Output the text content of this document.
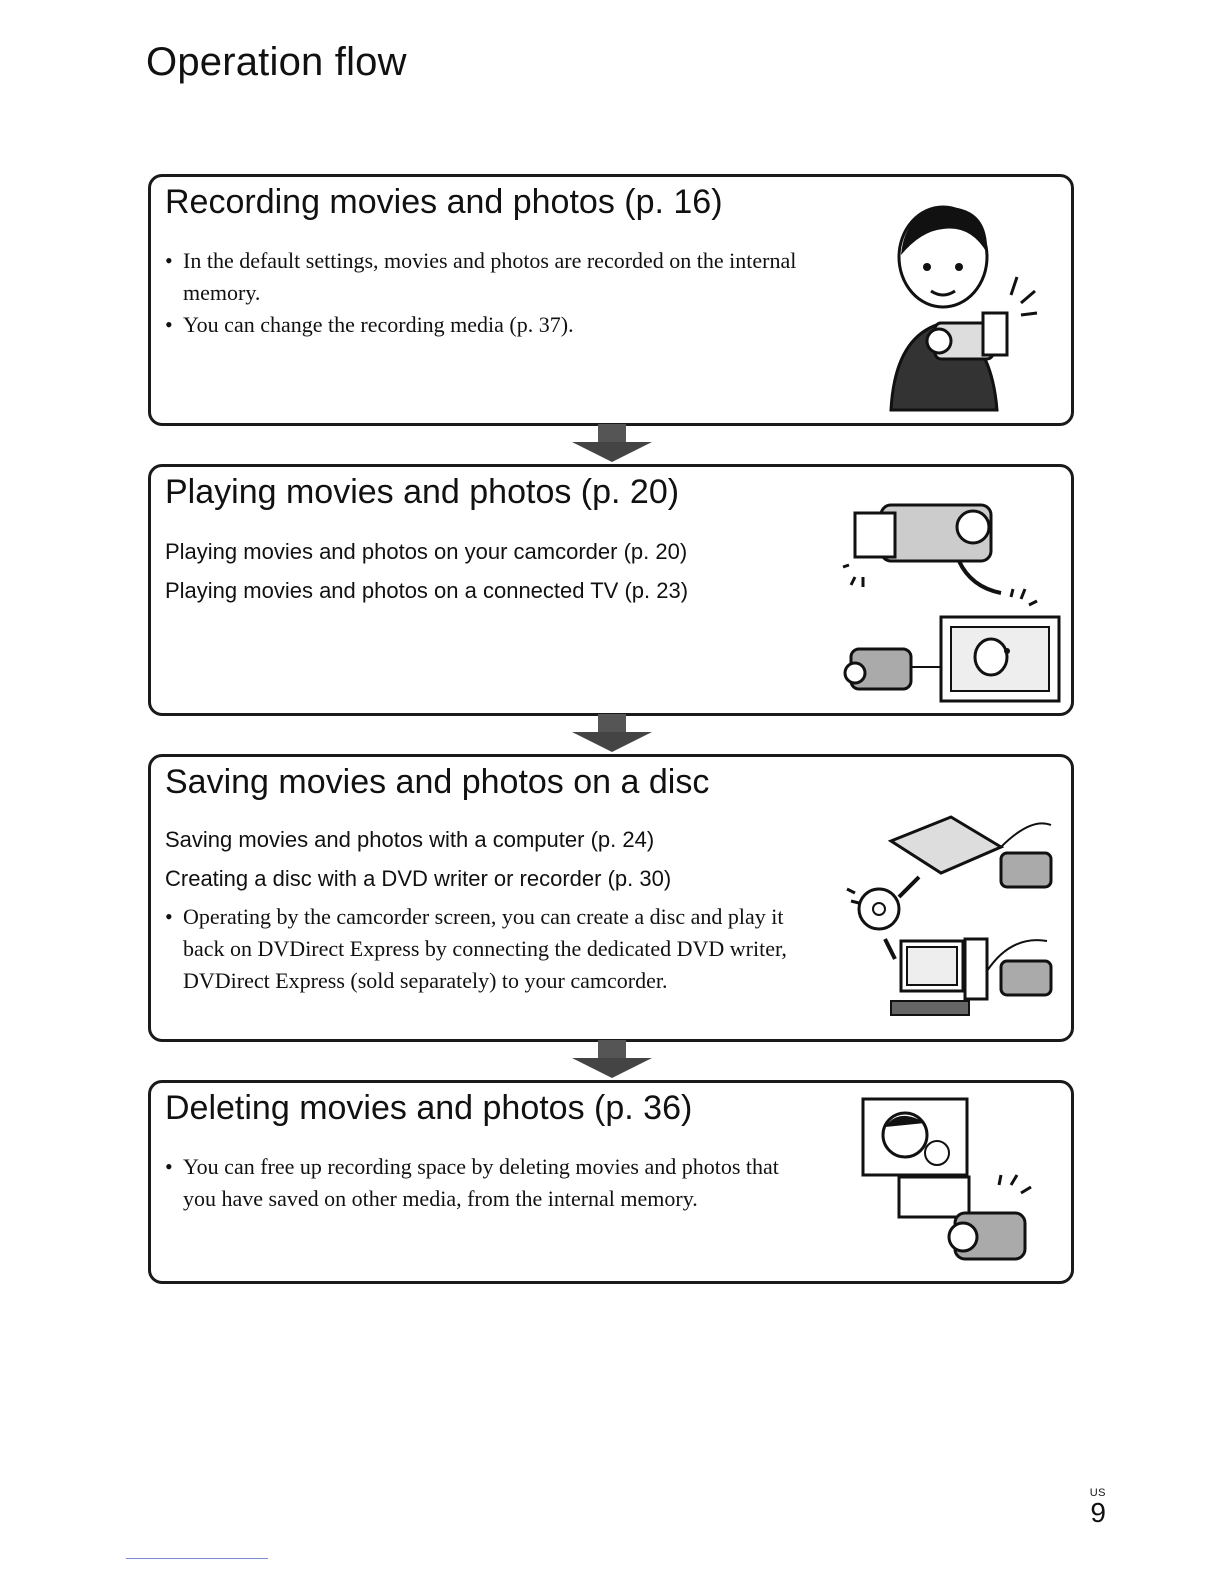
Operation flow
Recording movies and photos (p. 16)
• In the default settings, movies and photos are recorded on the internal memory.
• You can change the recording media (p. 37).
Playing movies and photos (p. 20)

Playing movies and photos on your camcorder (p. 20)

Playing movies and photos on a connected TV (p. 23)

Saving movies and photos on a disc

Saving movies and photos with a computer (p. 24)

Creating a disc with a DVD writer or recorder (p. 30)

• Operating by the camcorder screen, you can create a disc and play it back on DVDirect Express by connecting the dedicated DVD writer, DVDirect Express (sold separately) to your camcorder.
Deleting movies and photos (p. 36)
• You can free up recording space by deleting movies and photos that you have saved on other media, from the internal memory.
US
9
